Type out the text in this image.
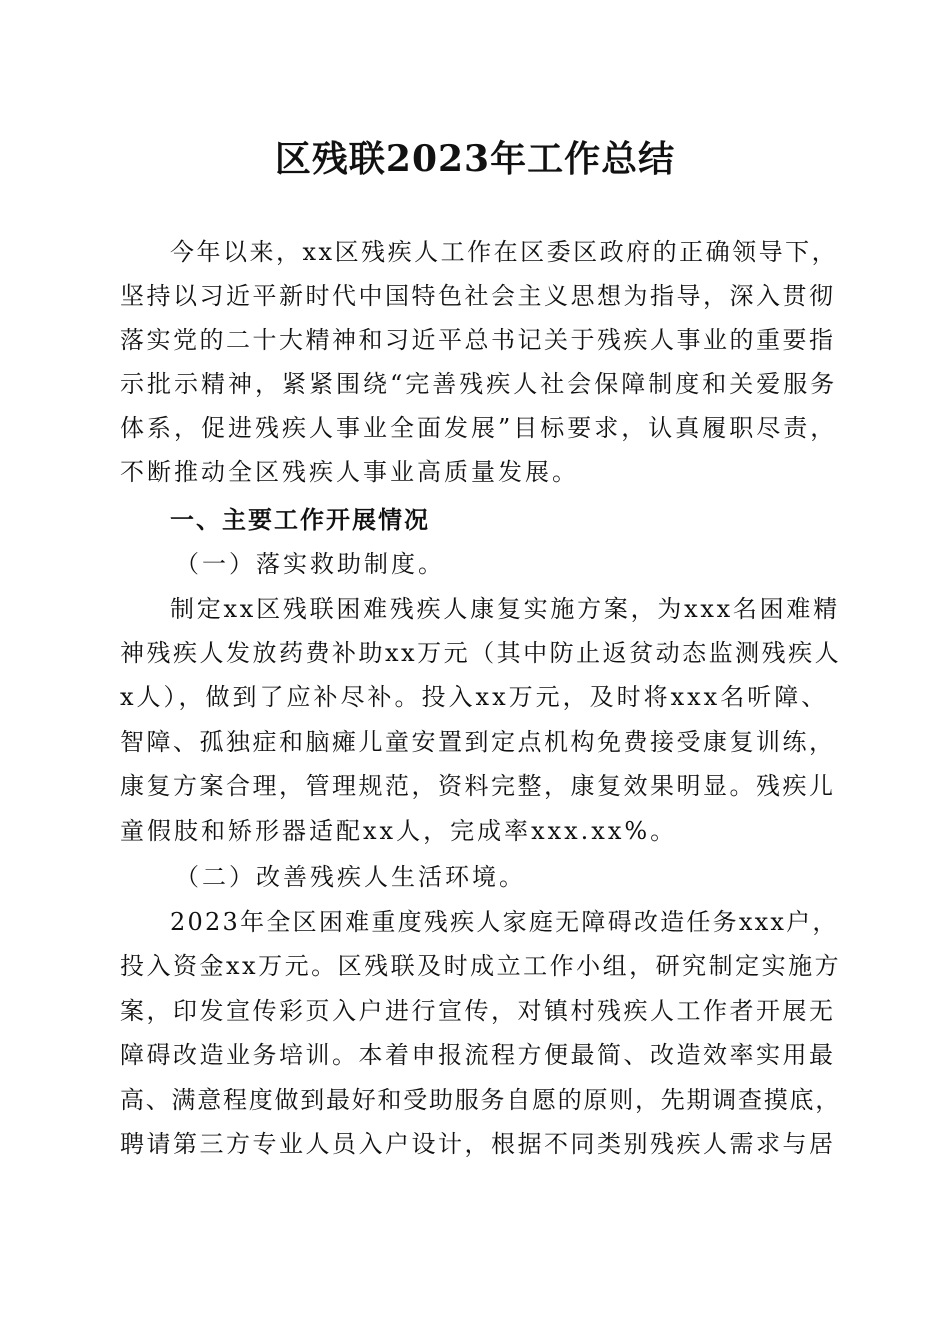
区残联2023年工作总结

今年以来，xx区残疾人工作在区委区政府的正确领导下，

坚持以习近平新时代中国特色社会主义思想为指导，深入贯彻

落实党的二十大精神和习近平总书记关于残疾人事业的重要指

示批示精神，紧紧围绕“完善残疾人社会保障制度和关爱服务

体系，促进残疾人事业全面发展”目标要求，认真履职尽责，

不断推动全区残疾人事业高质量发展。

一、主要工作开展情况

（一）落实救助制度。

制定xx区残联困难残疾人康复实施方案，为xxx名困难精

神残疾人发放药费补助xx万元（其中防止返贫动态监测残疾人

x人），做到了应补尽补。投入xx万元，及时将xxx名听障、

智障、孤独症和脑瘫儿童安置到定点机构免费接受康复训练，

康复方案合理，管理规范，资料完整，康复效果明显。残疾儿

童假肢和矫形器适配xx人，完成率xxx.xx%。

（二）改善残疾人生活环境。

2023年全区困难重度残疾人家庭无障碍改造任务xxx户，

投入资金xx万元。区残联及时成立工作小组，研究制定实施方

案，印发宣传彩页入户进行宣传，对镇村残疾人工作者开展无

障碍改造业务培训。本着申报流程方便最简、改造效率实用最

高、满意程度做到最好和受助服务自愿的原则，先期调查摸底，

聘请第三方专业人员入户设计，根据不同类别残疾人需求与居
